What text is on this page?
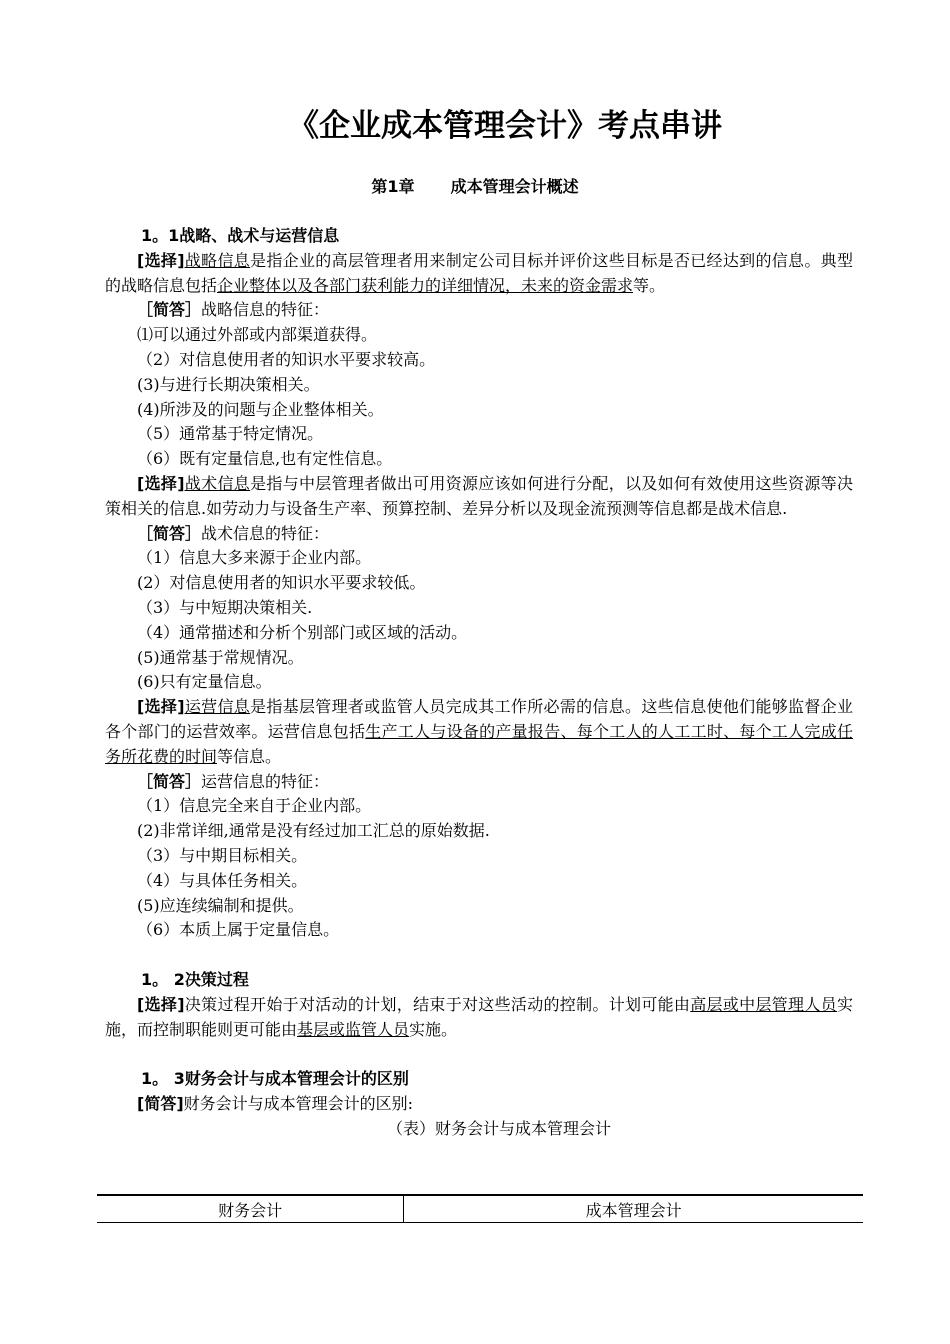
《企业成本管理会计》考点串讲
第1章 成本管理会计概述

1。1战略、战术与运营信息

[选择]战略信息是指企业的高层管理者用来制定公司目标并评价这些目标是否已经达到的信息。典型的战略信息包括企业整体以及各部门获利能力的详细情况，未来的资金需求等。

［简答］战略信息的特征：

⑴可以通过外部或内部渠道获得。

（2）对信息使用者的知识水平要求较高。

(3)与进行长期决策相关。

(4)所涉及的问题与企业整体相关。

（5）通常基于特定情况。

（6）既有定量信息,也有定性信息。

[选择]战术信息是指与中层管理者做出可用资源应该如何进行分配，以及如何有效使用这些资源等决策相关的信息.如劳动力与设备生产率、预算控制、差异分析以及现金流预测等信息都是战术信息.

［简答］战术信息的特征：

（1）信息大多来源于企业内部。

(2）对信息使用者的知识水平要求较低。

（3）与中短期决策相关.

（4）通常描述和分析个别部门或区域的活动。

(5)通常基于常规情况。

(6)只有定量信息。

[选择]运营信息是指基层管理者或监管人员完成其工作所必需的信息。这些信息使他们能够监督企业各个部门的运营效率。运营信息包括生产工人与设备的产量报告、每个工人的人工工时、每个工人完成任务所花费的时间等信息。

［简答］运营信息的特征：

（1）信息完全来自于企业内部。

(2)非常详细,通常是没有经过加工汇总的原始数据.

（3）与中期目标相关。

（4）与具体任务相关。

(5)应连续编制和提供。

（6）本质上属于定量信息。

1。 2决策过程

[选择]决策过程开始于对活动的计划，结束于对这些活动的控制。计划可能由高层或中层管理人员实施，而控制职能则更可能由基层或监管人员实施。

1。 3财务会计与成本管理会计的区别

[简答]财务会计与成本管理会计的区别:

（表）财务会计与成本管理会计

财务会计	成本管理会计
